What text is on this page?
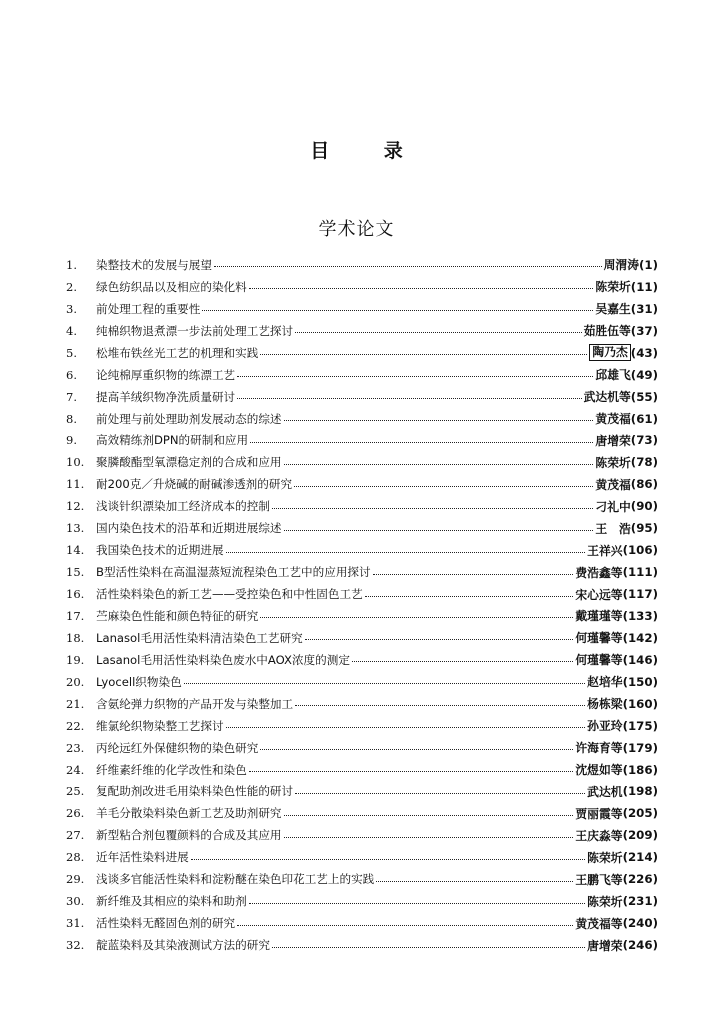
目 录
学术论文
1.	染整技术的发展与展望	周渭涛 (1)
2.	绿色纺织品以及相应的染化料	陈荣圻 (11)
3.	前处理工程的重要性	吴嘉生 (31)
4.	纯棉织物退煮漂一步法前处理工艺探讨	茹胜伍等 (37)
5.	松堆布铁丝光工艺的机理和实践	陶乃杰 (43)
6.	论纯棉厚重织物的练漂工艺	邱雄飞 (49)
7.	提高羊绒织物净洗质量研讨	武达机等 (55)
8.	前处理与前处理助剂发展动态的综述	黄茂福 (61)
9.	高效精练剂DPN的研制和应用	唐增荣 (73)
10.	聚膦酸酯型氧漂稳定剂的合成和应用	陈荣圻 (78)
11.	耐200克／升烧碱的耐碱渗透剂的研究	黄茂福 (86)
12.	浅谈针织漂染加工经济成本的控制	刁礼中 (90)
13.	国内染色技术的沿革和近期进展综述	王　浩 (95)
14.	我国染色技术的近期进展	王祥兴 (106)
15.	B型活性染料在高温湿蒸短流程染色工艺中的应用探讨	费浩鑫等 (111)
16.	活性染料染色的新工艺——受控染色和中性固色工艺	宋心远等 (117)
17.	苎麻染色性能和颜色特征的研究	戴瑾瑾等 (133)
18.	Lanasol毛用活性染料清洁染色工艺研究	何瑾馨等 (142)
19.	Lasanol毛用活性染料染色废水中AOX浓度的测定	何瑾馨等 (146)
20.	Lyocell织物染色	赵培华 (150)
21.	含氨纶弹力织物的产品开发与染整加工	杨栋梁 (160)
22.	维氯纶织物染整工艺探讨	孙亚玲 (175)
23.	丙纶远红外保健织物的染色研究	许海育等 (179)
24.	纤维素纤维的化学改性和染色	沈煜如等 (186)
25.	复配助剂改进毛用染料染色性能的研讨	武达机 (198)
26.	羊毛分散染料染色新工艺及助剂研究	贾丽霞等 (205)
27.	新型粘合剂包覆颜料的合成及其应用	王庆淼等 (209)
28.	近年活性染料进展	陈荣圻 (214)
29.	浅谈多官能活性染料和淀粉醚在染色印花工艺上的实践	王鹏飞等 (226)
30.	新纤维及其相应的染料和助剂	陈荣圻 (231)
31.	活性染料无醛固色剂的研究	黄茂福等 (240)
32.	靛蓝染料及其染液测试方法的研究	唐增荣 (246)
